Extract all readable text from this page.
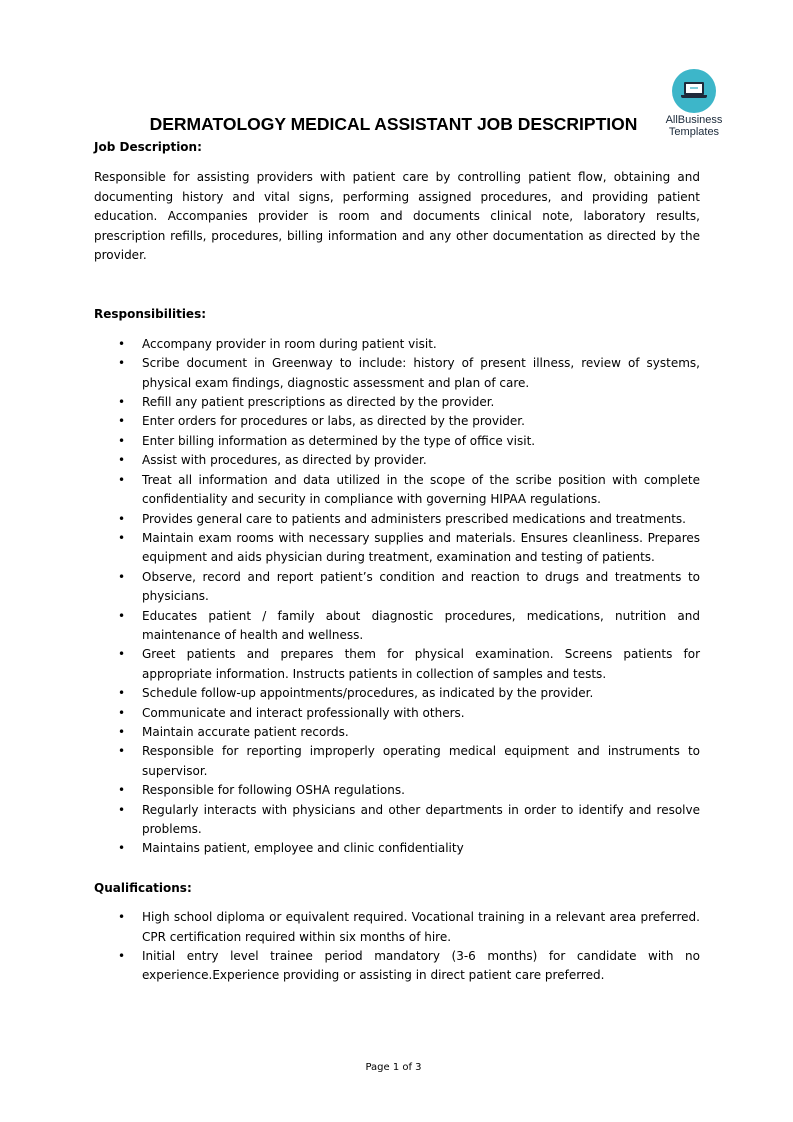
AllBusiness
Templates
DERMATOLOGY MEDICAL ASSISTANT JOB DESCRIPTION

Job Description:

Responsible for assisting providers with patient care by controlling patient flow, obtaining and documenting history and vital signs, performing assigned procedures, and providing patient education. Accompanies provider is room and documents clinical note, laboratory results, prescription refills, procedures, billing information and any other documentation as directed by the provider.

Responsibilities:

• Accompany provider in room during patient visit.
• Scribe document in Greenway to include: history of present illness, review of systems, physical exam findings, diagnostic assessment and plan of care.
• Refill any patient prescriptions as directed by the provider.
• Enter orders for procedures or labs, as directed by the provider.
• Enter billing information as determined by the type of office visit.
• Assist with procedures, as directed by provider.
• Treat all information and data utilized in the scope of the scribe position with complete confidentiality and security in compliance with governing HIPAA regulations.
• Provides general care to patients and administers prescribed medications and treatments.
• Maintain exam rooms with necessary supplies and materials. Ensures cleanliness. Prepares equipment and aids physician during treatment, examination and testing of patients.
• Observe, record and report patient’s condition and reaction to drugs and treatments to physicians.
• Educates patient / family about diagnostic procedures, medications, nutrition and maintenance of health and wellness.
• Greet patients and prepares them for physical examination. Screens patients for appropriate information. Instructs patients in collection of samples and tests.
• Schedule follow-up appointments/procedures, as indicated by the provider.
• Communicate and interact professionally with others.
• Maintain accurate patient records.
• Responsible for reporting improperly operating medical equipment and instruments to supervisor.
• Responsible for following OSHA regulations.
• Regularly interacts with physicians and other departments in order to identify and resolve problems.
• Maintains patient, employee and clinic confidentiality

Qualifications:

• High school diploma or equivalent required. Vocational training in a relevant area preferred. CPR certification required within six months of hire.
• Initial entry level trainee period mandatory (3-6 months) for candidate with no experience.Experience providing or assisting in direct patient care preferred.
Page 1 of 3
